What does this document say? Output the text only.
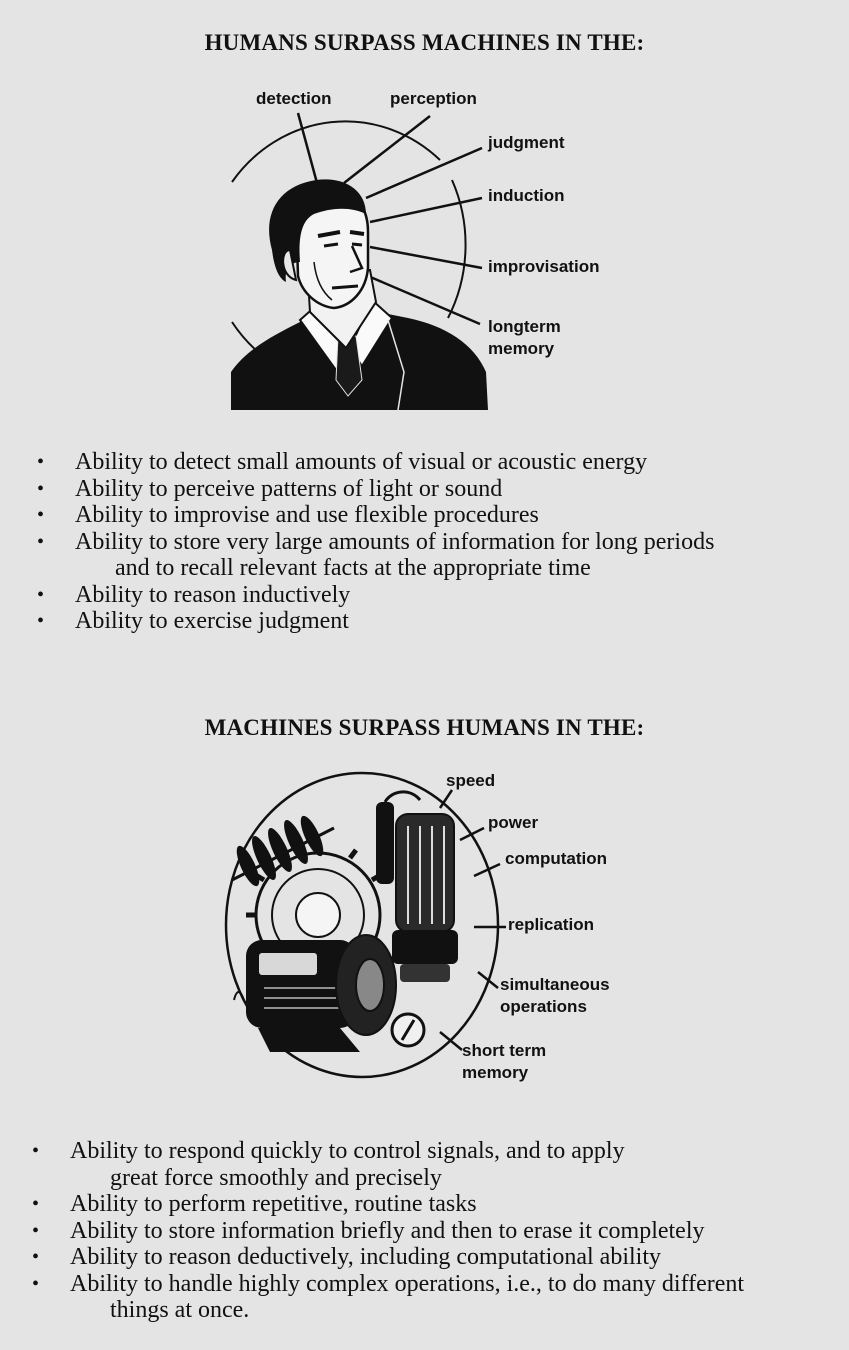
HUMANS SURPASS MACHINES IN THE:
detection	perception
judgment
induction
improvisation
longterm
memory
• Ability to detect small amounts of visual or acoustic energy
• Ability to perceive patterns of light or sound
• Ability to improvise and use flexible procedures
• Ability to store very large amounts of information for long periods
and to recall relevant facts at the appropriate time
• Ability to reason inductively
• Ability to exercise judgment
MACHINES SURPASS HUMANS IN THE:
speed
power
computation
replication
simultaneous
operations
short term
memory
• Ability to respond quickly to control signals, and to apply
great force smoothly and precisely
• Ability to perform repetitive, routine tasks
• Ability to store information briefly and then to erase it completely
• Ability to reason deductively, including computational ability
• Ability to handle highly complex operations, i.e., to do many different
things at once.
